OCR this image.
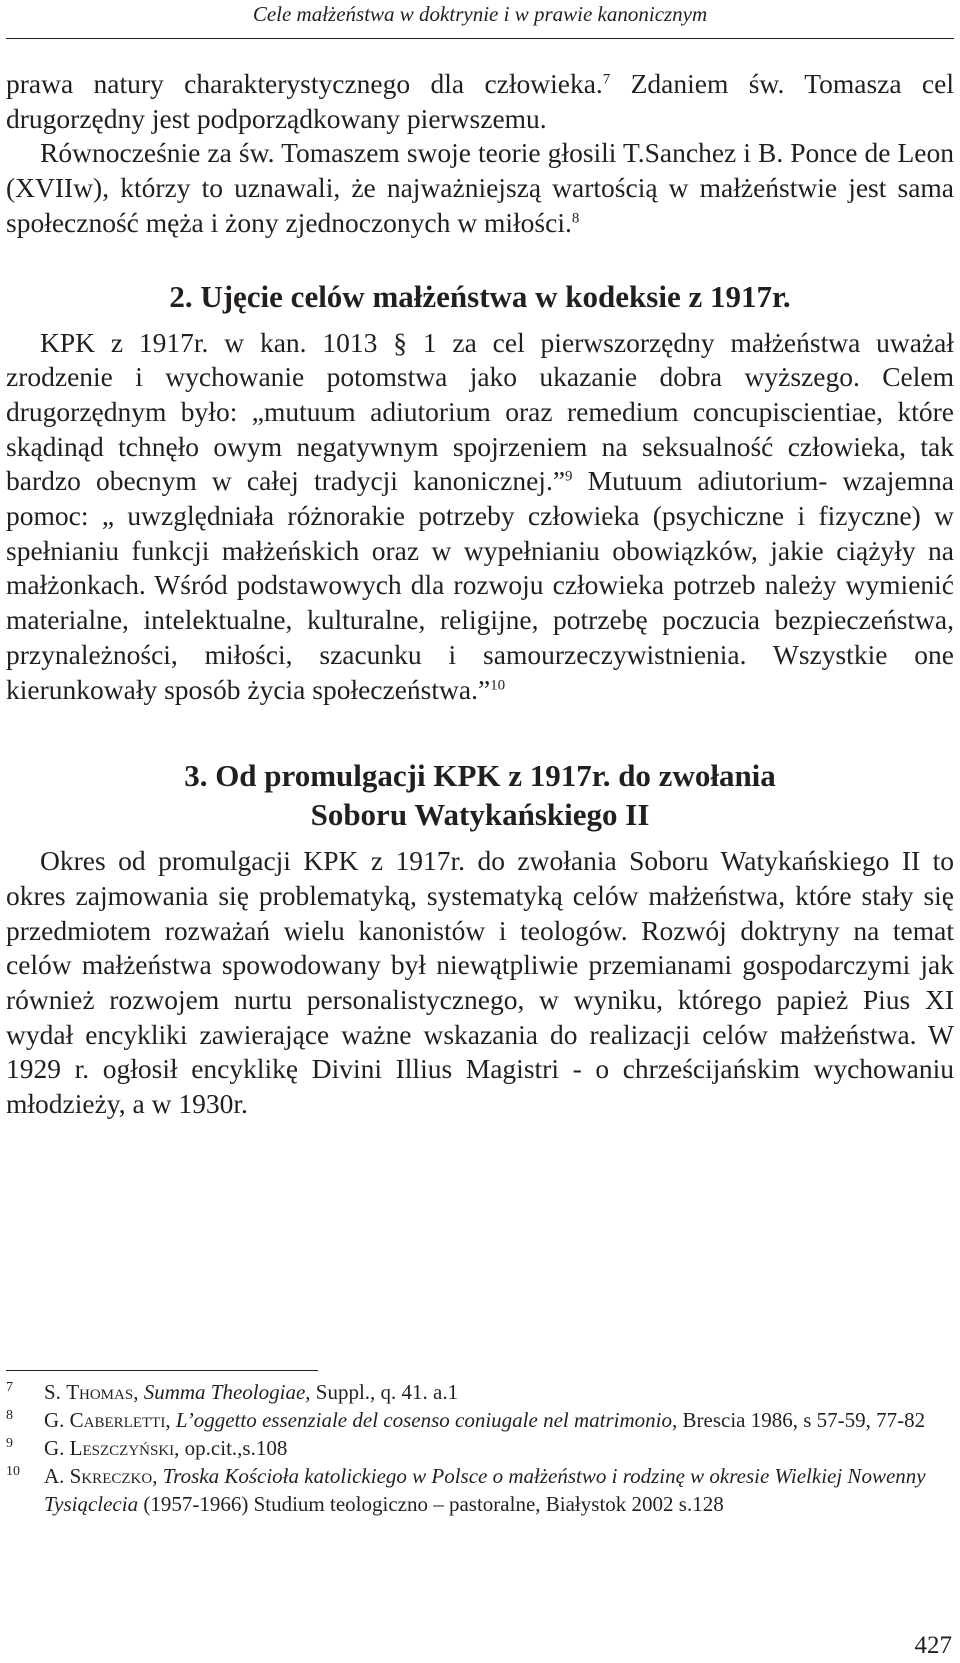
Cele małżeństwa w doktrynie i w prawie kanonicznym

prawa natury charakterystycznego dla człowieka.$^7$ Zdaniem św. Tomasza cel drugorzędny jest podporządkowany pierwszemu.

Równocześnie za św. Tomaszem swoje teorie głosili T.Sanchez i B. Ponce de Leon (XVIIw), którzy to uznawali, że najważniejszą wartością w małżeństwie jest sama społeczność męża i żony zjednoczonych w miłości.$^8$

2. Ujęcie celów małżeństwa w kodeksie z 1917r.

KPK z 1917r. w kan. 1013 § 1 za cel pierwszorzędny małżeństwa uważał zrodzenie i wychowanie potomstwa jako ukazanie dobra wyższego. Celem drugorzędnym było: „mutuum adiutorium oraz remedium concupiscientiae, które skądinąd tchnęło owym negatywnym spojrzeniem na seksualność człowieka, tak bardzo obecnym w całej tradycji kanonicznej.”$^9$ Mutuum adiutorium- wzajemna pomoc: „ uwzględniała różnorakie potrzeby człowieka (psychiczne i fizyczne) w spełnianiu funkcji małżeńskich oraz w wypełnianiu obowiązków, jakie ciążyły na małżonkach. Wśród podstawowych dla rozwoju człowieka potrzeb należy wymienić materialne, intelektualne, kulturalne, religijne, potrzebę poczucia bezpieczeństwa, przynależności, miłości, szacunku i samourzeczywistnienia. Wszystkie one kierunkowały sposób życia społeczeństwa.”$^{10}$

3. Od promulgacji KPK z 1917r. do zwołania
Soboru Watykańskiego II

Okres od promulgacji KPK z 1917r. do zwołania Soboru Watykańskiego II to okres zajmowania się problematyką, systematyką celów małżeństwa, które stały się przedmiotem rozważań wielu kanonistów i teologów. Rozwój doktryny na temat celów małżeństwa spowodowany był niewątpliwie przemianami gospodarczymi jak również rozwojem nurtu personalistycznego, w wyniku, którego papież Pius XI wydał encykliki zawierające ważne wskazania do realizacji celów małżeństwa. W 1929 r. ogłosił encyklikę Divini Illius Magistri - o chrześcijańskim wychowaniu młodzieży, a w 1930r.

7 S. Thomas, Summa Theologiae, Suppl., q. 41. a.1

8 G. Caberletti, L’oggetto essenziale del cosenso coniugale nel matrimonio, Brescia 1986, s 57-59, 77-82

9 G. Leszczyński, op.cit.,s.108

10 A. Skreczko, Troska Kościoła katolickiego w Polsce o małżeństwo i rodzinę w okresie Wielkiej Nowenny Tysiąclecia (1957-1966) Studium teologiczno – pastoralne, Białystok 2002 s.128

427
